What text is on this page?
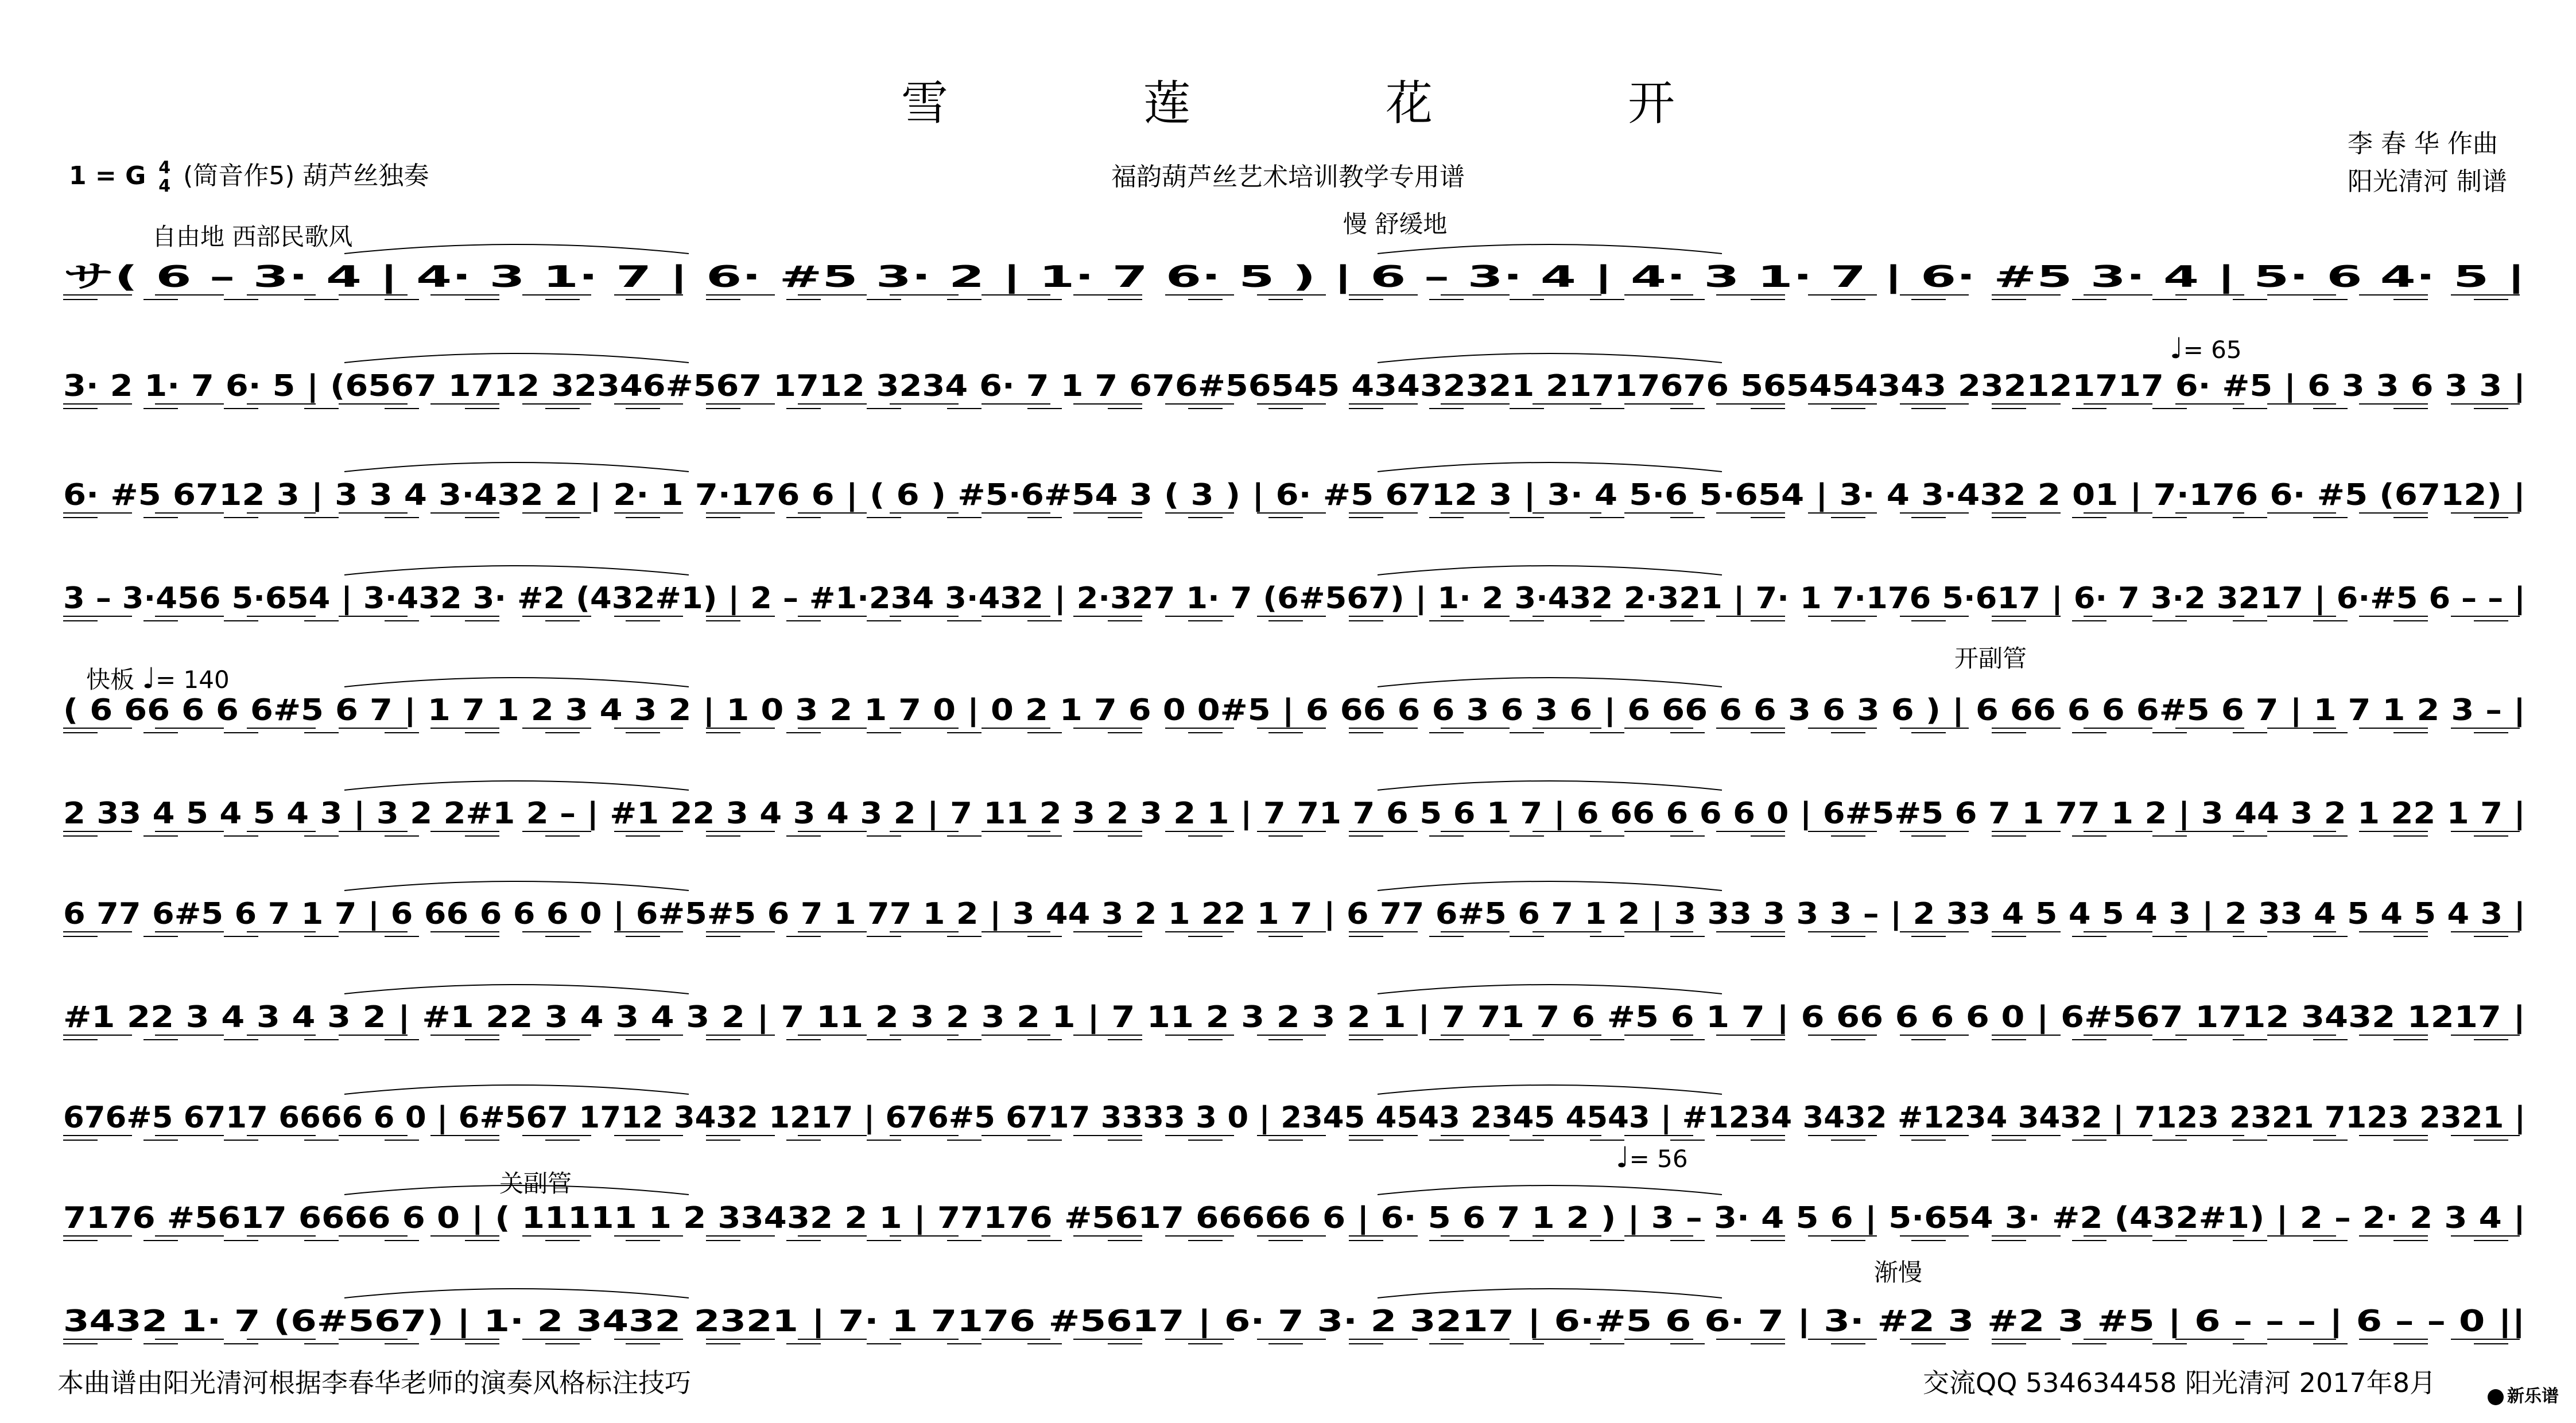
雪	莲	花	开
1 = G 4
4 (筒音作5) 葫芦丝独奏	福韵葫芦丝艺术培训教学专用谱
李 春 华 作曲
阳光清河 制谱
自由地 西部民歌风	慢 舒缓地
♩= 65
快板 ♩= 140
开副管
关副管
♩= 56
渐慢
サ( 6 – 3· 4 | 4· 3 1· 7 | 6· #5 3· 2 | 1· 7 6· 5 ) | 6 – 3· 4 | 4· 3 1· 7 | 6· #5 3· 4 | 5· 6 4· 5 |
3· 2 1· 7 6· 5 | (6567 1712 32346#567 1712 3234 6· 7 1 7 676#56545 43432321 21717676 565454343 232121717 6· #5 | 6 3 3 6 3 3 |
6· #5 6712 3 | 3 3 4 3·432 2 | 2· 1 7·176 6 | ( 6 ) #5·6#54 3 ( 3 ) | 6· #5 6712 3 | 3· 4 5·6 5·654 | 3· 4 3·432 2 01 | 7·176 6· #5 (6712) |
3 – 3·456 5·654 | 3·432 3· #2 (432#1) | 2 – #1·234 3·432 | 2·327 1· 7 (6#567) | 1· 2 3·432 2·321 | 7· 1 7·176 5·617 | 6· 7 3·2 3217 | 6·#5 6 – – |
( 6 66 6 6 6#5 6 7 | 1 7 1 2 3 4 3 2 | 1 0 3 2 1 7 0 | 0 2 1 7 6 0 0#5 | 6 66 6 6 3 6 3 6 | 6 66 6 6 3 6 3 6 ) | 6 66 6 6 6#5 6 7 | 1 7 1 2 3 – |
2 33 4 5 4 5 4 3 | 3 2 2#1 2 – | #1 22 3 4 3 4 3 2 | 7 11 2 3 2 3 2 1 | 7 71 7 6 5 6 1 7 | 6 66 6 6 6 0 | 6#5#5 6 7 1 77 1 2 | 3 44 3 2 1 22 1 7 |
6 77 6#5 6 7 1 7 | 6 66 6 6 6 0 | 6#5#5 6 7 1 77 1 2 | 3 44 3 2 1 22 1 7 | 6 77 6#5 6 7 1 2 | 3 33 3 3 3 – | 2 33 4 5 4 5 4 3 | 2 33 4 5 4 5 4 3 |
#1 22 3 4 3 4 3 2 | #1 22 3 4 3 4 3 2 | 7 11 2 3 2 3 2 1 | 7 11 2 3 2 3 2 1 | 7 71 7 6 #5 6 1 7 | 6 66 6 6 6 0 | 6#567 1712 3432 1217 |
676#5 6717 6666 6 0 | 6#567 1712 3432 1217 | 676#5 6717 3333 3 0 | 2345 4543 2345 4543 | #1234 3432 #1234 3432 | 7123 2321 7123 2321 |
7176 #5617 6666 6 0 | ( 11111 1 2 33432 2 1 | 77176 #5617 66666 6 | 6· 5 6 7 1 2 ) | 3 – 3· 4 5 6 | 5·654 3· #2 (432#1) | 2 – 2· 2 3 4 |
3432 1· 7 (6#567) | 1· 2 3432 2321 | 7· 1 7176 #5617 | 6· 7 3· 2 3217 | 6·#5 6 6· 7 | 3· #2 3 #2 3 #5 | 6 – – – | 6 – – 0 ||
本曲谱由阳光清河根据李春华老师的演奏风格标注技巧	交流QQ 534634458 阳光清河 2017年8月	新乐谱
